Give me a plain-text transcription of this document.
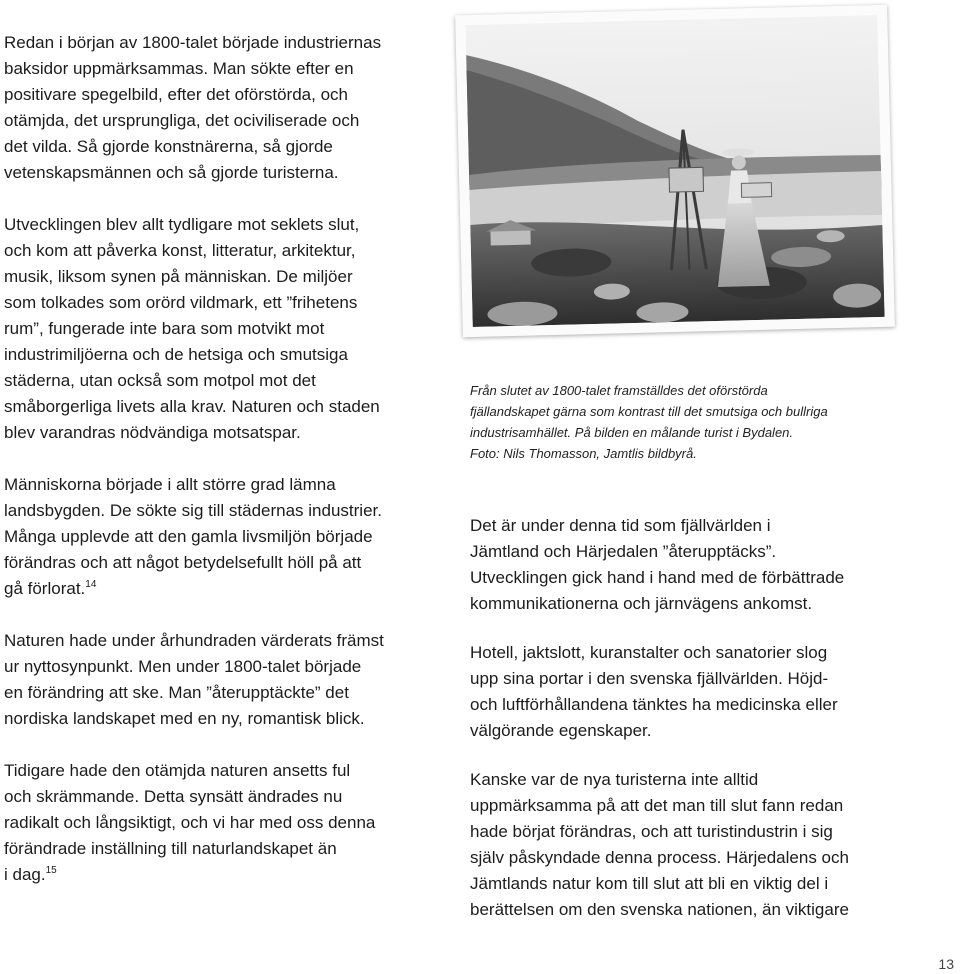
Redan i början av 1800-talet började industriernas
baksidor uppmärksammas. Man sökte efter en
positivare spegelbild, efter det oförstörda, och
otämjda, det ursprungliga, det ociviliserade och
det vilda. Så gjorde konstnärerna, så gjorde
vetenskapsmännen och så gjorde turisterna.

Utvecklingen blev allt tydligare mot seklets slut,
och kom att påverka konst, litteratur, arkitektur,
musik, liksom synen på människan. De miljöer
som tolkades som orörd vildmark, ett ”frihetens
rum”, fungerade inte bara som motvikt mot
industrimiljöerna och de hetsiga och smutsiga
städerna, utan också som motpol mot det
småborgerliga livets alla krav. Naturen och staden
blev varandras nödvändiga motsatspar.

Människorna började i allt större grad lämna
landsbygden. De sökte sig till städernas industrier.
Många upplevde att den gamla livsmiljön började
förändras och att något betydelsefullt höll på att
gå förlorat.$^{14}$

Naturen hade under århundraden värderats främst
ur nyttosynpunkt. Men under 1800-talet började
en förändring att ske. Man ”återupptäckte” det
nordiska landskapet med en ny, romantisk blick.

Tidigare hade den otämjda naturen ansetts ful
och skrämmande. Detta synsätt ändrades nu
radikalt och långsiktigt, och vi har med oss denna
förändrade inställning till naturlandskapet än
i dag.$^{15}$

Från slutet av 1800-talet framställdes det oförstörda
fjällandskapet gärna som kontrast till det smutsiga och bullriga
industrisamhället. På bilden en målande turist i Bydalen.
Foto: Nils Thomasson, Jamtlis bildbyrå.

Det är under denna tid som fjällvärlden i
Jämtland och Härjedalen ”återupptäcks”.
Utvecklingen gick hand i hand med de förbättrade
kommunikationerna och järnvägens ankomst.

Hotell, jaktslott, kuranstalter och sanatorier slog
upp sina portar i den svenska fjällvärlden. Höjd-
och luftförhållandena tänktes ha medicinska eller
välgörande egenskaper.

Kanske var de nya turisterna inte alltid
uppmärksamma på att det man till slut fann redan
hade börjat förändras, och att turistindustrin i sig
själv påskyndade denna process. Härjedalens och
Jämtlands natur kom till slut att bli en viktig del i
berättelsen om den svenska nationen, än viktigare

13
